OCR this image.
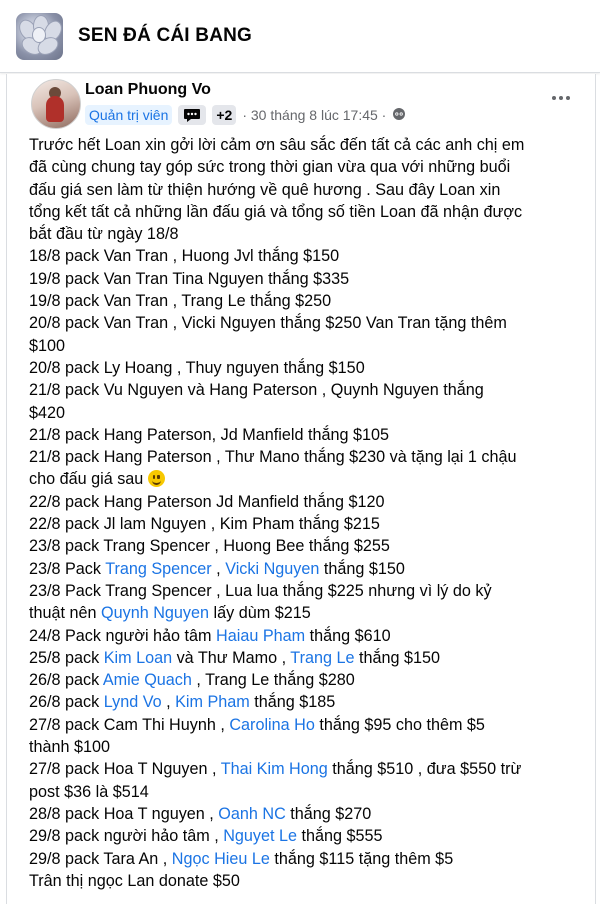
SEN ĐÁ CÁI BANG
Loan Phuong Vo
Quản trị viên	+2 · 30 tháng 8 lúc 17:45 ·

Trước hết Loan xin gởi lời cảm ơn sâu sắc đến tất cả các anh chị em

đã cùng chung tay góp sức trong thời gian vừa qua với những buổi

đấu giá sen làm từ thiện hướng về quê hương . Sau đây Loan xin

tổng kết tất cả những lần đấu giá và tổng số tiền Loan đã nhận được

bắt đầu từ ngày 18/8

18/8 pack Van Tran , Huong Jvl thắng $150

19/8 pack Van Tran Tina Nguyen thắng $335

19/8 pack Van Tran , Trang Le thắng $250

20/8 pack Van Tran , Vicki Nguyen thắng $250 Van Tran tặng thêm

$100

20/8 pack Ly Hoang , Thuy nguyen thắng $150

21/8 pack Vu Nguyen và Hang Paterson , Quynh Nguyen thắng

$420

21/8 pack Hang Paterson, Jd Manfield thắng $105

21/8 pack Hang Paterson , Thư Mano thắng $230 và tặng lại 1 chậu

cho đấu giá sau

22/8 pack Hang Paterson Jd Manfield thắng $120

22/8 pack Jl lam Nguyen , Kim Pham thắng $215

23/8 pack Trang Spencer , Huong Bee thắng $255

23/8 Pack Trang Spencer , Vicki Nguyen thắng $150

23/8 Pack Trang Spencer , Lua lua thắng $225 nhưng vì lý do kỷ

thuật nên Quynh Nguyen lấy dùm $215

24/8 Pack người hảo tâm Haiau Pham thắng $610

25/8 pack Kim Loan và Thư Mamo , Trang Le thắng $150

26/8 pack Amie Quach , Trang Le thắng $280

26/8 pack Lynd Vo , Kim Pham thắng $185

27/8 pack Cam Thi Huynh , Carolina Ho thắng $95 cho thêm $5

thành $100

27/8 pack Hoa T Nguyen , Thai Kim Hong thắng $510 , đưa $550 trừ

post $36 là $514

28/8 pack Hoa T nguyen , Oanh NC thắng $270

29/8 pack người hảo tâm , Nguyet Le thắng $555

29/8 pack Tara An , Ngọc Hieu Le thắng $115 tặng thêm $5

Trân thị ngọc Lan donate $50
